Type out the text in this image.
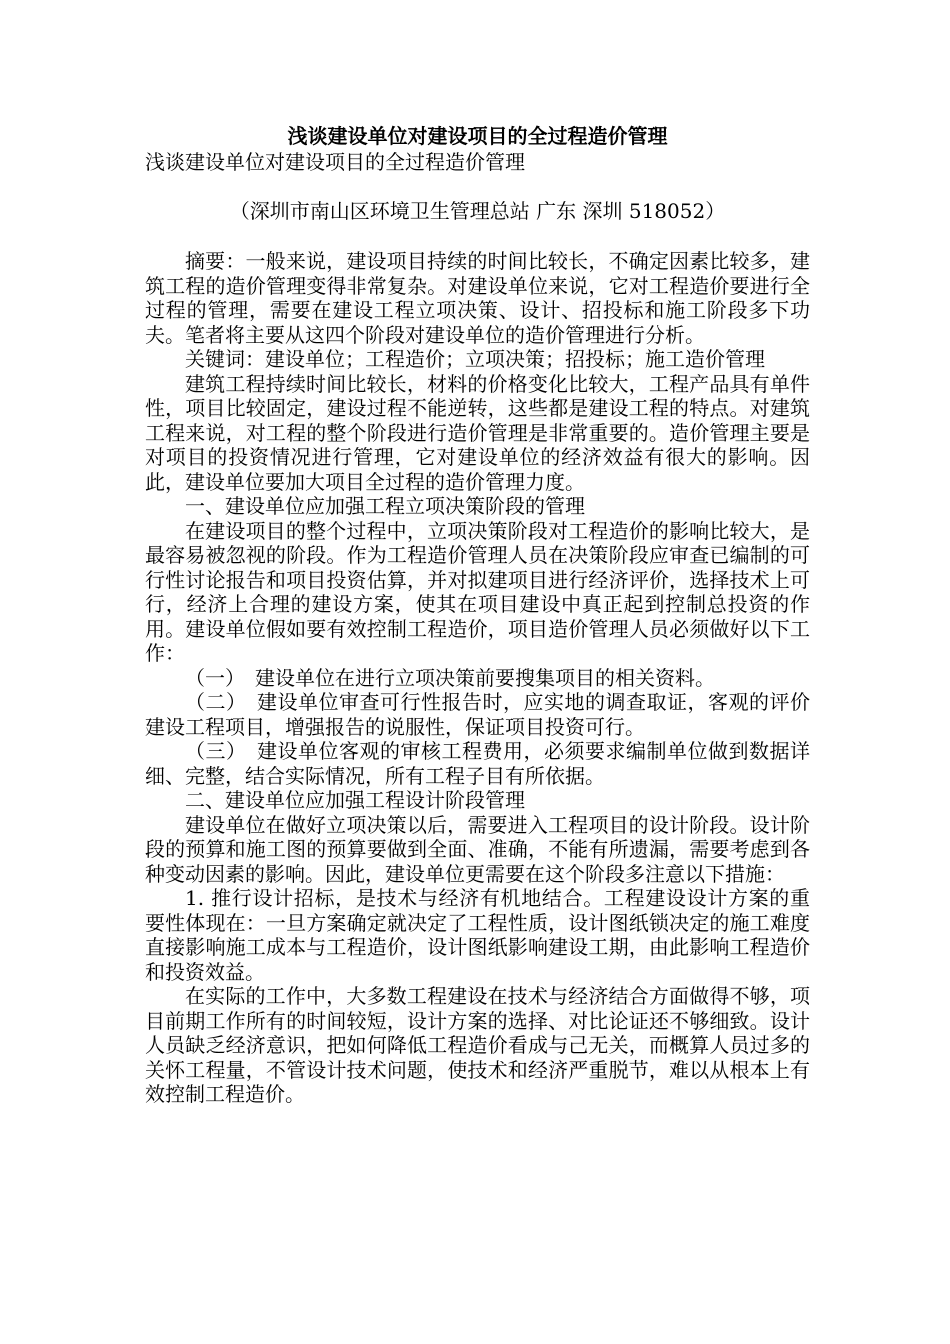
浅谈建设单位对建设项目的全过程造价管理

浅谈建设单位对建设项目的全过程造价管理

（深圳市南山区环境卫生管理总站 广东 深圳 518052）

摘要：一般来说，建设项目持续的时间比较长，不确定因素比较多，建筑工程的造价管理变得非常复杂。对建设单位来说，它对工程造价要进行全过程的管理，需要在建设工程立项决策、设计、招投标和施工阶段多下功夫。笔者将主要从这四个阶段对建设单位的造价管理进行分析。

关键词：建设单位；工程造价；立项决策；招投标；施工造价管理

建筑工程持续时间比较长，材料的价格变化比较大，工程产品具有单件性，项目比较固定，建设过程不能逆转，这些都是建设工程的特点。对建筑工程来说，对工程的整个阶段进行造价管理是非常重要的。造价管理主要是对项目的投资情况进行管理，它对建设单位的经济效益有很大的影响。因此，建设单位要加大项目全过程的造价管理力度。

一、建设单位应加强工程立项决策阶段的管理

在建设项目的整个过程中，立项决策阶段对工程造价的影响比较大，是最容易被忽视的阶段。作为工程造价管理人员在决策阶段应审查已编制的可行性讨论报告和项目投资估算，并对拟建项目进行经济评价，选择技术上可行，经济上合理的建设方案，使其在项目建设中真正起到控制总投资的作用。建设单位假如要有效控制工程造价，项目造价管理人员必须做好以下工作：

（一）　建设单位在进行立项决策前要搜集项目的相关资料。

（二）　建设单位审查可行性报告时，应实地的调查取证，客观的评价建设工程项目，增强报告的说服性，保证项目投资可行。

（三）　建设单位客观的审核工程费用，必须要求编制单位做到数据详细、完整，结合实际情况，所有工程子目有所依据。

二、建设单位应加强工程设计阶段管理

建设单位在做好立项决策以后，需要进入工程项目的设计阶段。设计阶段的预算和施工图的预算要做到全面、准确，不能有所遗漏，需要考虑到各种变动因素的影响。因此，建设单位更需要在这个阶段多注意以下措施：

1. 推行设计招标，是技术与经济有机地结合。工程建设设计方案的重要性体现在：一旦方案确定就决定了工程性质，设计图纸锁决定的施工难度直接影响施工成本与工程造价，设计图纸影响建设工期，由此影响工程造价和投资效益。

在实际的工作中，大多数工程建设在技术与经济结合方面做得不够，项目前期工作所有的时间较短，设计方案的选择、对比论证还不够细致。设计人员缺乏经济意识，把如何降低工程造价看成与己无关，而概算人员过多的关怀工程量，不管设计技术问题，使技术和经济严重脱节，难以从根本上有效控制工程造价。
